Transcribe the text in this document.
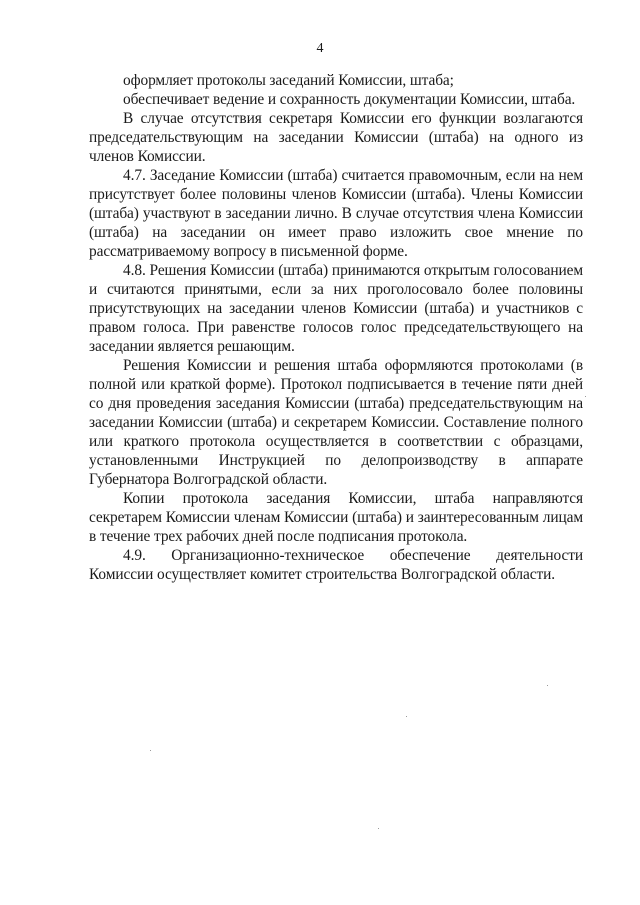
4

оформляет протоколы заседаний Комиссии, штаба;

обеспечивает ведение и сохранность документации Комиссии, штаба.

В случае отсутствия секретаря Комиссии его функции возлагаются председательствующим на заседании Комиссии (штаба) на одного из членов Комиссии.

4.7. Заседание Комиссии (штаба) считается правомочным, если на нем присутствует более половины членов Комиссии (штаба). Члены Комиссии (штаба) участвуют в заседании лично. В случае отсутствия члена Комиссии (штаба) на заседании он имеет право изложить свое мнение по рассматриваемому вопросу в письменной форме.

4.8. Решения Комиссии (штаба) принимаются открытым голосованием и считаются принятыми, если за них проголосовало более половины присутствующих на заседании членов Комиссии (штаба) и участников с правом голоса. При равенстве голосов голос председательствующего на заседании является решающим.

Решения Комиссии и решения штаба оформляются протоколами (в полной или краткой форме). Протокол подписывается в течение пяти дней со дня проведения заседания Комиссии (штаба) председательствующим на заседании Комиссии (штаба) и секретарем Комиссии. Составление полного или краткого протокола осуществляется в соответствии с образцами, установленными Инструкцией по делопроизводству в аппарате Губернатора Волгоградской области.

Копии протокола заседания Комиссии, штаба направляются секретарем Комиссии членам Комиссии (штаба) и заинтересованным лицам в течение трех рабочих дней после подписания протокола.

4.9. Организационно-техническое обеспечение деятельности Комиссии осуществляет комитет строительства Волгоградской области.
